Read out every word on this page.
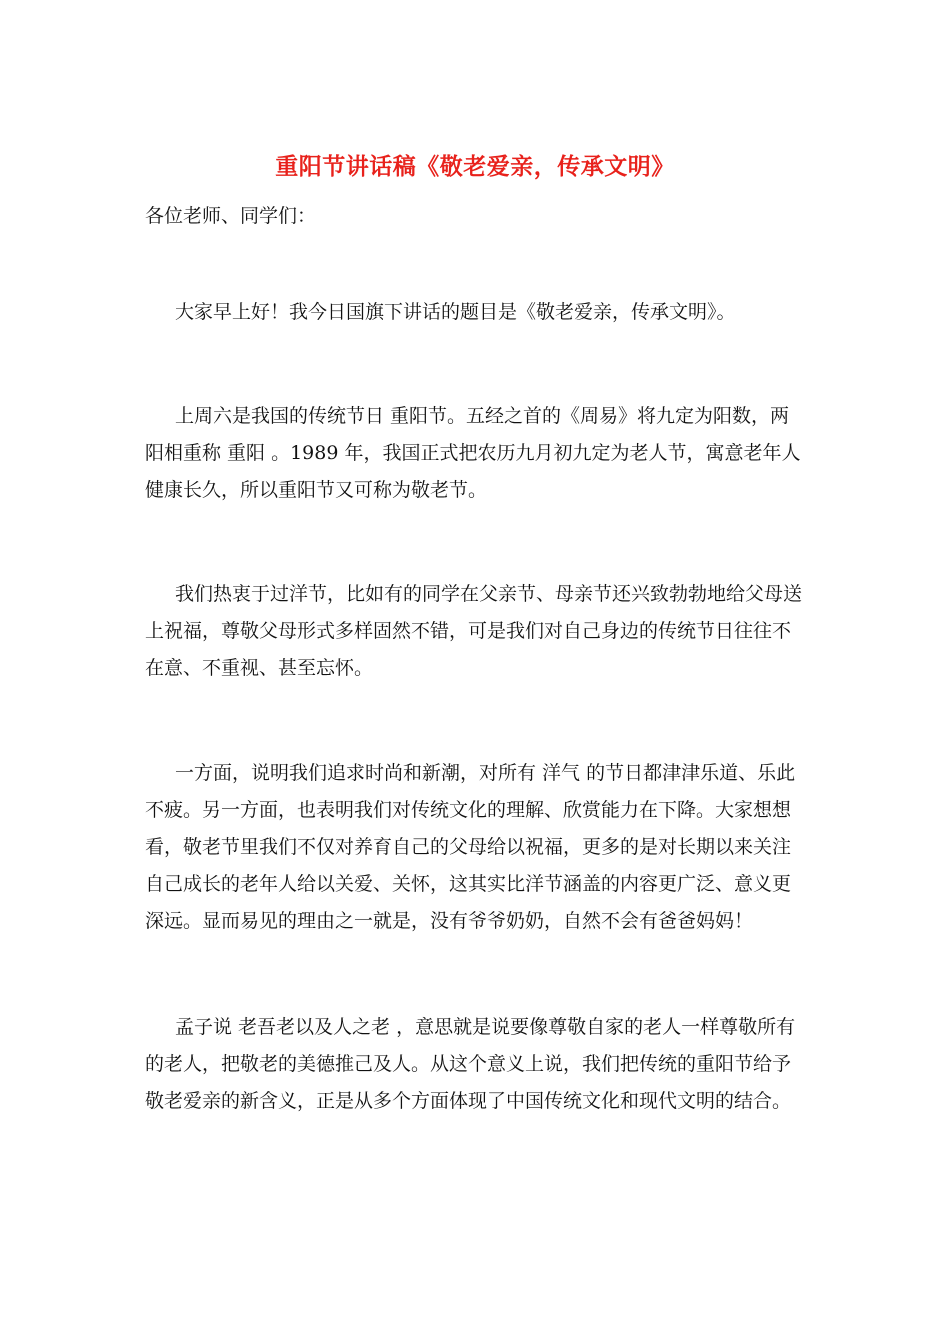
重阳节讲话稿《敬老爱亲，传承文明》

各位老师、同学们：

大家早上好！我今日国旗下讲话的题目是《敬老爱亲，传承文明》。
上周六是我国的传统节日 重阳节。五经之首的《周易》将九定为阳数，两
阳相重称 重阳 。1989 年，我国正式把农历九月初九定为老人节，寓意老年人
健康长久，所以重阳节又可称为敬老节。
我们热衷于过洋节，比如有的同学在父亲节、母亲节还兴致勃勃地给父母送
上祝福，尊敬父母形式多样固然不错，可是我们对自己身边的传统节日往往不
在意、不重视、甚至忘怀。
一方面，说明我们追求时尚和新潮，对所有 洋气 的节日都津津乐道、乐此
不疲。另一方面，也表明我们对传统文化的理解、欣赏能力在下降。大家想想
看，敬老节里我们不仅对养育自己的父母给以祝福，更多的是对长期以来关注
自己成长的老年人给以关爱、关怀，这其实比洋节涵盖的内容更广泛、意义更
深远。显而易见的理由之一就是，没有爷爷奶奶，自然不会有爸爸妈妈！
孟子说 老吾老以及人之老 ，意思就是说要像尊敬自家的老人一样尊敬所有
的老人，把敬老的美德推己及人。从这个意义上说，我们把传统的重阳节给予
敬老爱亲的新含义，正是从多个方面体现了中国传统文化和现代文明的结合。
